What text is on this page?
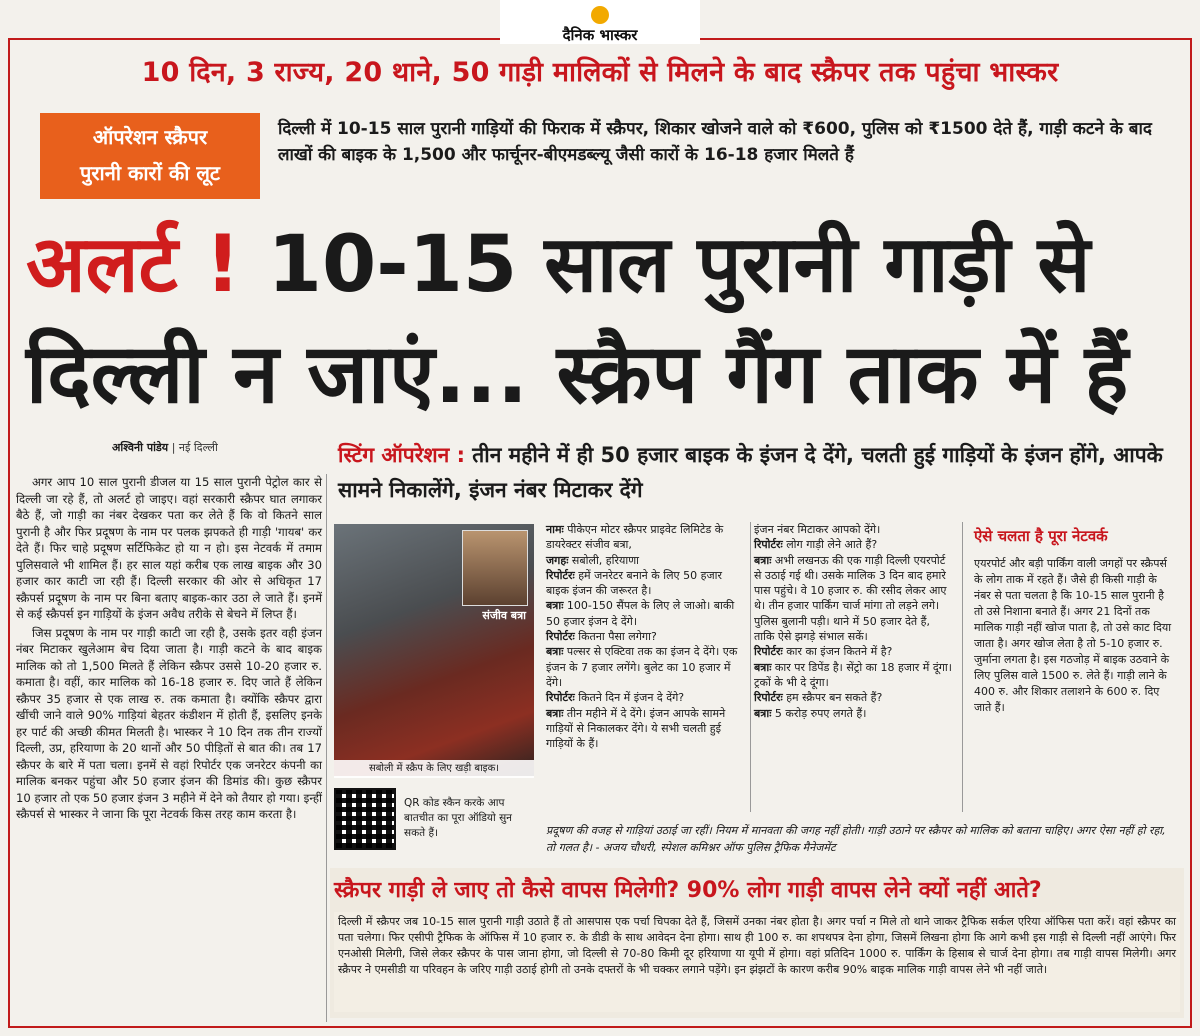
दैनिक भास्कर
10 दिन, 3 राज्य, 20 थाने, 50 गाड़ी मालिकों से मिलने के बाद स्क्रैपर तक पहुंचा भास्कर
ऑपरेशन स्क्रैपर
पुरानी कारों की लूट
दिल्ली में 10-15 साल पुरानी गाड़ियों की फिराक में स्क्रैपर, शिकार खोजने वाले को ₹600, पुलिस को ₹1500 देते हैं, गाड़ी कटने के बाद लाखों की बाइक के 1,500 और फार्चूनर-बीएमडब्ल्यू जैसी कारों के 16-18 हजार मिलते हैं
अलर्ट ! 10-15 साल पुरानी गाड़ी से
दिल्ली न जाएं... स्क्रैप गैंग ताक में हैं
अश्विनी पांडेय | नई दिल्ली

अगर आप 10 साल पुरानी डीजल या 15 साल पुरानी पेट्रोल कार से दिल्ली जा रहे हैं, तो अलर्ट हो जाइए। वहां सरकारी स्क्रैपर घात लगाकर बैठे हैं, जो गाड़ी का नंबर देखकर पता कर लेते हैं कि वो कितने साल पुरानी है और फिर प्रदूषण के नाम पर पलक झपकते ही गाड़ी 'गायब' कर देते हैं। फिर चाहे प्रदूषण सर्टिफिकेट हो या न हो। इस नेटवर्क में तमाम पुलिसवाले भी शामिल हैं। हर साल यहां करीब एक लाख बाइक और 30 हजार कार काटी जा रही हैं। दिल्ली सरकार की ओर से अधिकृत 17 स्क्रैपर्स प्रदूषण के नाम पर बिना बताए बाइक-कार उठा ले जाते हैं। इनमें से कई स्क्रैपर्स इन गाड़ियों के इंजन अवैध तरीके से बेचने में लिप्त हैं।

जिस प्रदूषण के नाम पर गाड़ी काटी जा रही है, उसके इतर वही इंजन नंबर मिटाकर खुलेआम बेच दिया जाता है। गाड़ी कटने के बाद बाइक मालिक को तो 1,500 मिलते हैं लेकिन स्क्रैपर उससे 10-20 हजार रु. कमाता है। वहीं, कार मालिक को 16-18 हजार रु. दिए जाते हैं लेकिन स्क्रैपर 35 हजार से एक लाख रु. तक कमाता है। क्योंकि स्क्रैपर द्वारा खींची जाने वाले 90% गाड़ियां बेहतर कंडीशन में होती हैं, इसलिए इनके हर पार्ट की अच्छी कीमत मिलती है। भास्कर ने 10 दिन तक तीन राज्यों दिल्ली, उप्र, हरियाणा के 20 थानों और 50 पीड़ितों से बात की। तब 17 स्क्रैपर के बारे में पता चला। इनमें से वहां रिपोर्टर एक जनरेटर कंपनी का मालिक बनकर पहुंचा और 50 हजार इंजन की डिमांड की। कुछ स्क्रैपर 10 हजार तो एक 50 हजार इंजन 3 महीने में देने को तैयार हो गया। इन्हीं स्क्रैपर्स से भास्कर ने जाना कि पूरा नेटवर्क किस तरह काम करता है।

स्टिंग ऑपरेशन : तीन महीने में ही 50 हजार बाइक के इंजन दे देंगे, चलती हुई गाड़ियों के इंजन होंगे, आपके सामने निकालेंगे, इंजन नंबर मिटाकर देंगे
संजीव बत्रा
सबोली में स्क्रैप के लिए खड़ी बाइक।
QR कोड स्कैन करके आप बातचीत का पूरा ऑडियो सुन सकते हैं।
नामः पीकेएन मोटर स्क्रैपर प्राइवेट लिमिटेड के डायरेक्टर संजीव बत्रा,
जगहः सबोली, हरियाणा
रिपोर्टरः हमें जनरेटर बनाने के लिए 50 हजार बाइक इंजन की जरूरत है।
बत्राः 100-150 सैंपल के लिए ले जाओ। बाकी 50 हजार इंजन दे देंगे।
रिपोर्टरः कितना पैसा लगेगा?
बत्राः पल्सर से एक्टिवा तक का इंजन दे देंगे। एक इंजन के 7 हजार लगेंगे। बुलेट का 10 हजार में देंगे।
रिपोर्टरः कितने दिन में इंजन दे देंगे?
बत्राः तीन महीने में दे देंगे। इंजन आपके सामने गाड़ियों से निकालकर देंगे। ये सभी चलती हुई गाड़ियों के हैं।
इंजन नंबर मिटाकर आपको देंगे।
रिपोर्टरः लोग गाड़ी लेने आते हैं?
बत्राः अभी लखनऊ की एक गाड़ी दिल्ली एयरपोर्ट से उठाई गई थी। उसके मालिक 3 दिन बाद हमारे पास पहुंचे। वे 10 हजार रु. की रसीद लेकर आए थे। तीन हजार पार्किंग चार्ज मांगा तो लड़ने लगे। पुलिस बुलानी पड़ी। थाने में 50 हजार देते हैं, ताकि ऐसे झगड़े संभाल सकें।
रिपोर्टरः कार का इंजन कितने में है?
बत्राः कार पर डिपेंड है। सेंट्रो का 18 हजार में दूंगा। ट्रकों के भी दे दूंगा।
रिपोर्टरः हम स्क्रैपर बन सकते हैं?
बत्राः 5 करोड़ रुपए लगते हैं।
ऐसे चलता है पूरा नेटवर्क
एयरपोर्ट और बड़ी पार्किंग वाली जगहों पर स्क्रैपर्स के लोग ताक में रहते हैं। जैसे ही किसी गाड़ी के नंबर से पता चलता है कि 10-15 साल पुरानी है तो उसे निशाना बनाते हैं। अगर 21 दिनों तक मालिक गाड़ी नहीं खोज पाता है, तो उसे काट दिया जाता है। अगर खोज लेता है तो 5-10 हजार रु. जुर्माना लगता है। इस गठजोड़ में बाइक उठवाने के लिए पुलिस वाले 1500 रु. लेते हैं। गाड़ी लाने के 400 रु. और शिकार तलाशने के 600 रु. दिए जाते हैं।
प्रदूषण की वजह से गाड़ियां उठाई जा रहीं। नियम में मानवता की जगह नहीं होती। गाड़ी उठाने पर स्क्रैपर को मालिक को बताना चाहिए। अगर ऐसा नहीं हो रहा, तो गलत है। - अजय चौधरी, स्पेशल कमिश्नर ऑफ पुलिस ट्रैफिक मैनेजमेंट
स्क्रैपर गाड़ी ले जाए तो कैसे वापस मिलेगी? 90% लोग गाड़ी वापस लेने क्यों नहीं आते?
दिल्ली में स्क्रैपर जब 10-15 साल पुरानी गाड़ी उठाते हैं तो आसपास एक पर्चा चिपका देते हैं, जिसमें उनका नंबर होता है। अगर पर्चा न मिले तो थाने जाकर ट्रैफिक सर्कल एरिया ऑफिस पता करें। वहां स्क्रैपर का पता चलेगा। फिर एसीपी ट्रैफिक के ऑफिस में 10 हजार रु. के डीडी के साथ आवेदन देना होगा। साथ ही 100 रु. का शपथपत्र देना होगा, जिसमें लिखना होगा कि आगे कभी इस गाड़ी से दिल्ली नहीं आएंगे। फिर एनओसी मिलेगी, जिसे लेकर स्क्रैपर के पास जाना होगा, जो दिल्ली से 70-80 किमी दूर हरियाणा या यूपी में होगा। वहां प्रतिदिन 1000 रु. पार्किंग के हिसाब से चार्ज देना होगा। तब गाड़ी वापस मिलेगी। अगर स्क्रैपर ने एमसीडी या परिवहन के जरिए गाड़ी उठाई होगी तो उनके दफ्तरों के भी चक्कर लगाने पड़ेंगे। इन झंझटों के कारण करीब 90% बाइक मालिक गाड़ी वापस लेने भी नहीं जाते।
